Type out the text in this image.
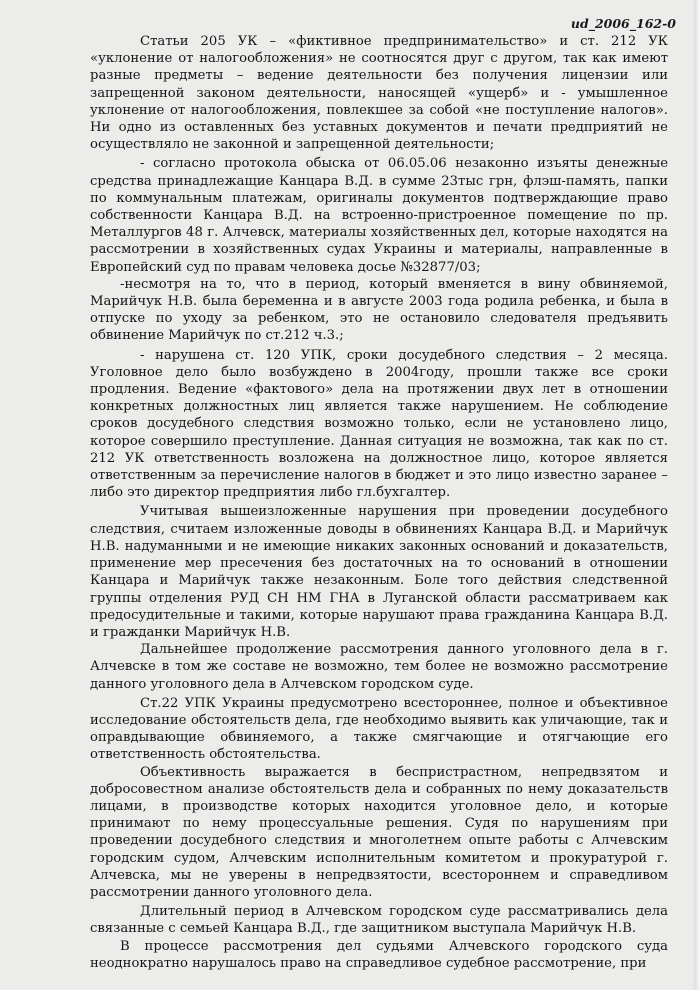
ud_2006_162-0

Статьи 205 УК – «фиктивное предпринимательство» и ст. 212 УК «уклонение от налогообложения» не соотносятся друг с другом, так как имеют разные предметы – ведение деятельности без получения лицензии или запрещенной законом деятельности, наносящей «ущерб» и - умышленное уклонение от налогообложения, повлекшее за собой «не поступление налогов». Ни одно из оставленных без уставных документов и печати предприятий не осуществляло не законной и запрещенной деятельности;

- согласно протокола обыска от 06.05.06 незаконно изъяты денежные средства принадлежащие Канцара В.Д. в сумме 23тыс грн, флэш-память, папки по коммунальным платежам, оригиналы документов подтверждающие право собственности Канцара В.Д. на встроенно-пристроенное помещение по пр. Металлургов 48 г. Алчевск, материалы хозяйственных дел, которые находятся на рассмотрении в хозяйственных судах Украины и материалы, направленные в Европейский суд по правам человека досье №32877/03;

-несмотря на то, что в период, который вменяется в вину обвиняемой, Марийчук Н.В. была беременна и в августе 2003 года родила ребенка, и была в отпуске по уходу за ребенком, это не остановило следователя предъявить обвинение Марийчук по ст.212 ч.3.;

- нарушена ст. 120 УПК, сроки досудебного следствия – 2 месяца. Уголовное дело было возбуждено в 2004году, прошли также все сроки продления. Ведение «фактового» дела на протяжении двух лет в отношении конкретных должностных лиц является также нарушением. Не соблюдение сроков досудебного следствия возможно только, если не установлено лицо, которое совершило преступление. Данная ситуация не возможна, так как по ст. 212 УК ответственность возложена на должностное лицо, которое является ответственным за перечисление налогов в бюджет и это лицо известно заранее – либо это директор предприятия либо гл.бухгалтер.

Учитывая вышеизложенные нарушения при проведении досудебного следствия, считаем изложенные доводы в обвинениях Канцара В.Д. и Марийчук Н.В. надуманными и не имеющие никаких законных оснований и доказательств, применение мер пресечения без достаточных на то оснований в отношении Канцара и Марийчук также незаконным. Боле того действия следственной группы отделения РУД СН НМ ГНА в Луганской области рассматриваем как предосудительные и такими, которые нарушают права гражданина Канцара В.Д. и гражданки Марийчук Н.В.

Дальнейшее продолжение рассмотрения данного уголовного дела в г. Алчевске в том же составе не возможно, тем более не возможно рассмотрение данного уголовного дела в Алчевском городском суде.

Ст.22 УПК Украины предусмотрено всестороннее, полное и объективное исследование обстоятельств дела, где необходимо выявить как уличающие, так и оправдывающие обвиняемого, а также смягчающие и отягчающие его ответственность обстоятельства.

Объективность выражается в беспристрастном, непредвзятом и добросовестном анализе обстоятельств дела и собранных по нему доказательств лицами, в производстве которых находится уголовное дело, и которые принимают по нему процессуальные решения. Судя по нарушениям при проведении досудебного следствия и многолетнем опыте работы с Алчевским городским судом, Алчевским исполнительным комитетом и прокуратурой г. Алчевска, мы не уверены в непредвзятости, всестороннем и справедливом рассмотрении данного уголовного дела.

Длительный период в Алчевском городском суде рассматривались дела связанные с семьей Канцара В.Д., где защитником выступала Марийчук Н.В.

В процессе рассмотрения дел судьями Алчевского городского суда неоднократно нарушалось право на справедливое судебное рассмотрение, при
